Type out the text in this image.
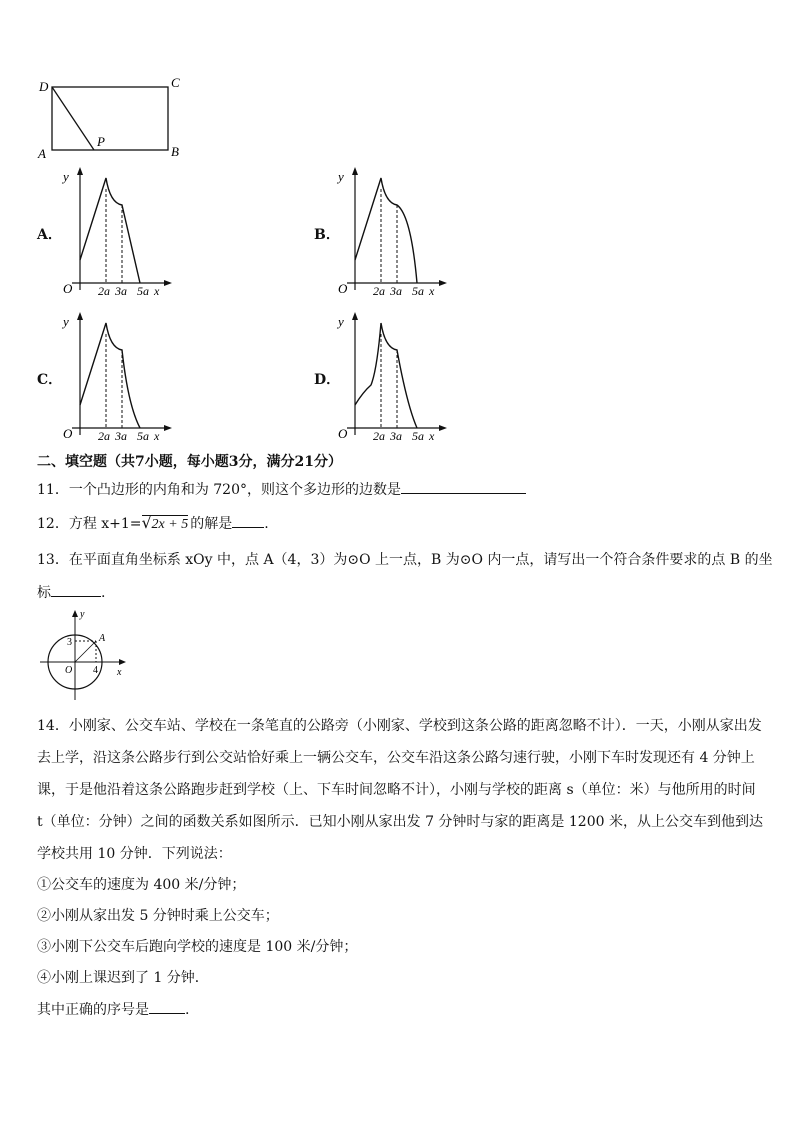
D	C
A	B
P
A．
y
O 2a 3a 5a x
B．
y
O 2a 3a 5a x
C．
y
O 2a 3a 5a x
D．
y
O 2a 3a 5a x
二、填空题（共7小题，每小题3分，满分21分）
11．一个凸边形的内角和为 720°，则这个多边形的边数是
12．方程 x+1= √ 2x + 5 的解是 .
13．在平面直角坐标系 xOy 中，点 A（4，3）为⊙O 上一点，B 为⊙O 内一点，请写出一个符合条件要求的点 B 的坐
标	.
y
x
O
3
4
A
14．小刚家、公交车站、学校在一条笔直的公路旁（小刚家、学校到这条公路的距离忽略不计）．一天，小刚从家出发
去上学，沿这条公路步行到公交站恰好乘上一辆公交车，公交车沿这条公路匀速行驶，小刚下车时发现还有 4 分钟上
课，于是他沿着这条公路跑步赶到学校（上、下车时间忽略不计），小刚与学校的距离 s（单位：米）与他所用的时间
t（单位：分钟）之间的函数关系如图所示．已知小刚从家出发 7 分钟时与家的距离是 1200 米，从上公交车到他到达
学校共用 10 分钟．下列说法：
①公交车的速度为 400 米/分钟；
②小刚从家出发 5 分钟时乘上公交车；
③小刚下公交车后跑向学校的速度是 100 米/分钟；
④小刚上课迟到了 1 分钟．
其中正确的序号是	.
